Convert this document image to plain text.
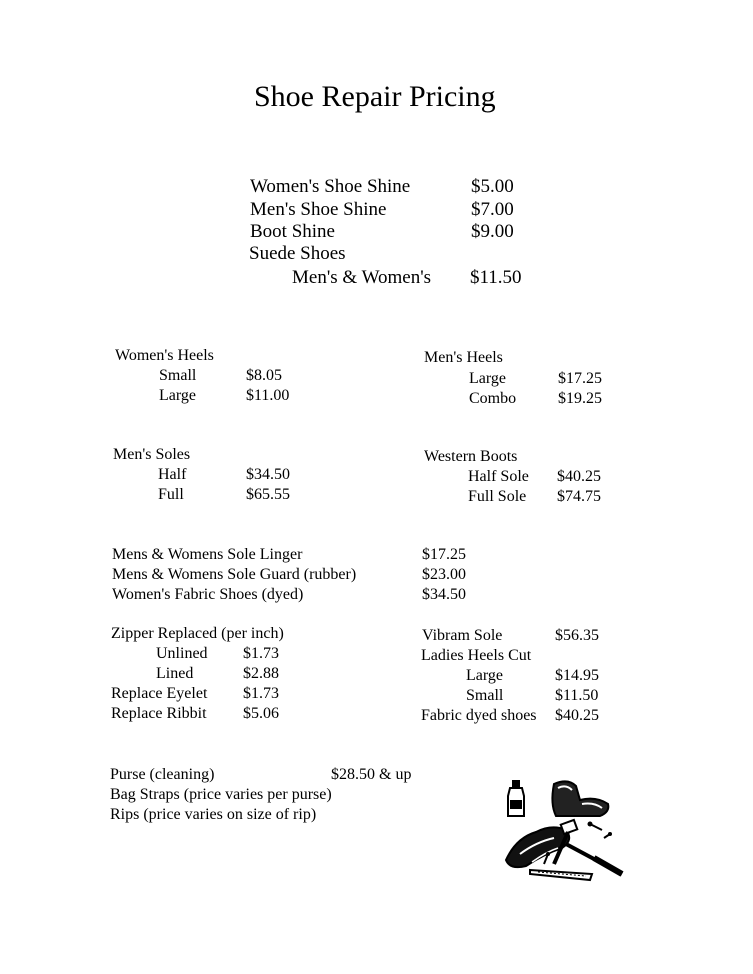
Shoe Repair Pricing
Women's Shoe Shine	$5.00
Men's Shoe Shine	$7.00
Boot Shine	$9.00
Suede Shoes
Men's & Women's $11.50
Women's Heels
Small	$8.05
Large	$11.00
Men's Heels
Large	$17.25
Combo	$19.25
Men's Soles
Half	$34.50
Full	$65.55
Western Boots
Half Sole $40.25
Full Sole $74.75
Mens & Womens Sole Linger	$17.25
Mens & Womens Sole Guard (rubber)	$23.00
Women's Fabric Shoes (dyed)	$34.50
Zipper Replaced (per inch)
Unlined $1.73
Lined	$2.88
Replace Eyelet $1.73
Replace Ribbit $5.06
Vibram Sole	$56.35
Ladies Heels Cut
Large	$14.95
Small	$11.50
Fabric dyed shoes $40.25
Purse (cleaning)	$28.50 & up
Bag Straps (price varies per purse)
Rips (price varies on size of rip)
